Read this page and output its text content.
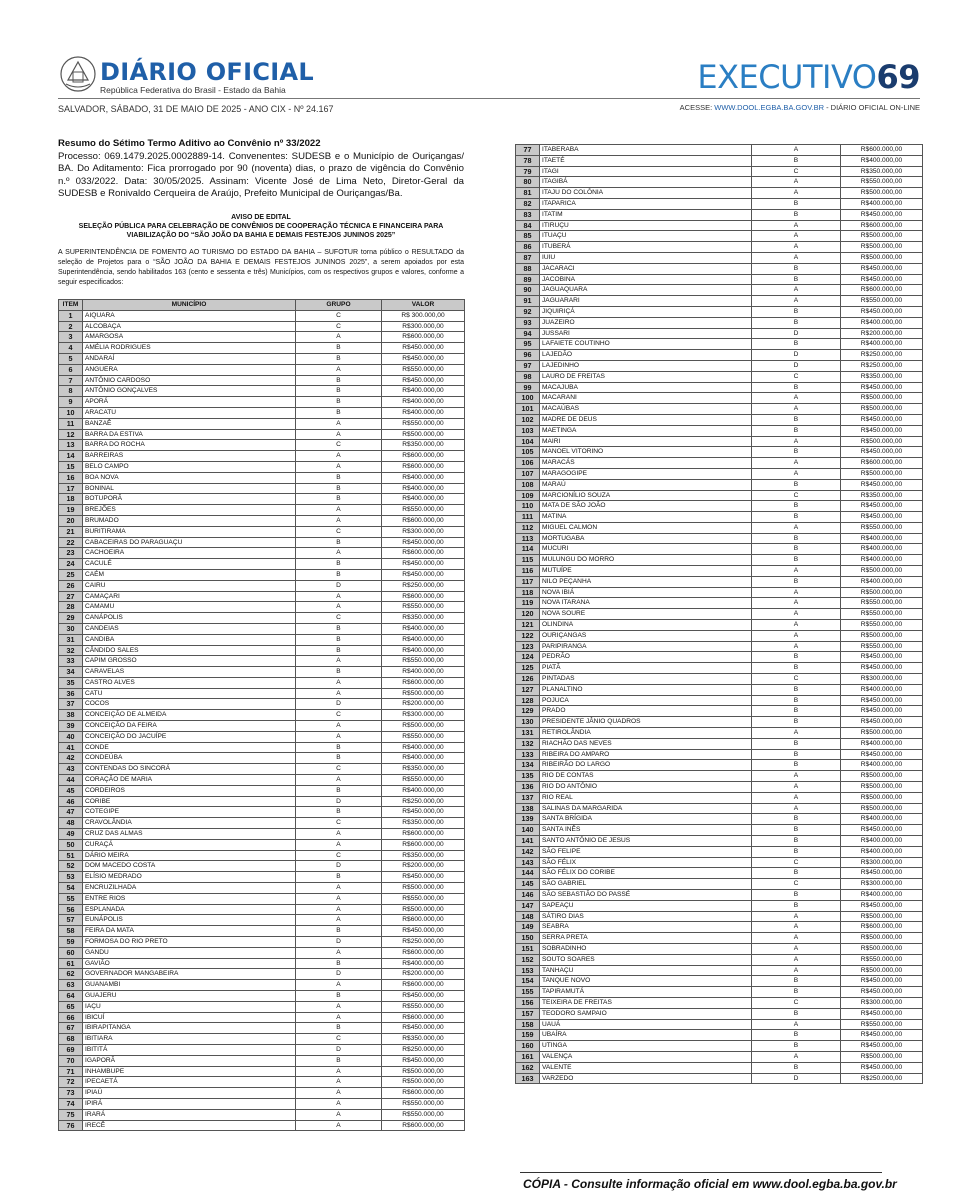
DIÁRIO OFICIAL
República Federativa do Brasil - Estado da Bahia	EXECUTIVO69
SALVADOR, SÁBADO, 31 DE MAIO DE 2025 - ANO CIX - Nº 24.167	ACESSE: WWW.DOOL.EGBA.BA.GOV.BR - DIÁRIO OFICIAL ON-LINE
Resumo do Sétimo Termo Aditivo ao Convênio nº 33/2022
Processo: 069.1479.2025.0002889-14. Convenentes: SUDESB e o Município de Ouriçangas/ BA. Do Aditamento: Fica prorrogado por 90 (noventa) dias, o prazo de vigência do Convênio n.º 033/2022. Data: 30/05/2025. Assinam: Vicente José de Lima Neto, Diretor-Geral da SUDESB e Ronivaldo Cerqueira de Araújo, Prefeito Municipal de Ouriçangas/Ba.
AVISO DE EDITAL
SELEÇÃO PÚBLICA PARA CELEBRAÇÃO DE CONVÊNIOS DE COOPERAÇÃO TÉCNICA E FINANCEIRA PARA VIABILIZAÇÃO DO “SÃO JOÃO DA BAHIA E DEMAIS FESTEJOS JUNINOS 2025”
A SUPERINTENDÊNCIA DE FOMENTO AO TURISMO DO ESTADO DA BAHIA – SUFOTUR torna público o RESULTADO da seleção de Projetos para o “SÃO JOÃO DA BAHIA E DEMAIS FESTEJOS JUNINOS 2025”, a serem apoiados por esta Superintendência, sendo habilitados 163 (cento e sessenta e três) Municípios, com os respectivos grupos e valores, conforme a seguir especificados:
ITEM	MUNICÍPIO	GRUPO	VALOR
1	AIQUARA	C	R$ 300.000,00
2	ALCOBAÇA	C	R$300.000,00
3	AMARGOSA	A	R$600.000,00
4	AMÉLIA RODRIGUES	B	R$450.000,00
5	ANDARAÍ	B	R$450.000,00
6	ANGUERA	A	R$550.000,00
7	ANTÔNIO CARDOSO	B	R$450.000,00
8	ANTÔNIO GONÇALVES	B	R$400.000,00
9	APORÁ	B	R$400.000,00
10	ARACATU	B	R$400.000,00
11	BANZAÊ	A	R$550.000,00
12	BARRA DA ESTIVA	A	R$500.000,00
13	BARRA DO ROCHA	C	R$350.000,00
14	BARREIRAS	A	R$600.000,00
15	BELO CAMPO	A	R$600.000,00
16	BOA NOVA	B	R$400.000,00
17	BONINAL	B	R$400.000,00
18	BOTUPORÃ	B	R$400.000,00
19	BREJÕES	A	R$550.000,00
20	BRUMADO	A	R$600.000,00
21	BURITIRAMA	C	R$300.000,00
22	CABACEIRAS DO PARAGUAÇU	B	R$450.000,00
23	CACHOEIRA	A	R$600.000,00
24	CACULÉ	B	R$450.000,00
25	CAÉM	B	R$450.000,00
26	CAIRU	D	R$250.000,00
27	CAMAÇARI	A	R$600.000,00
28	CAMAMU	A	R$550.000,00
29	CANÁPOLIS	C	R$350.000,00
30	CANDEIAS	B	R$400.000,00
31	CANDIBA	B	R$400.000,00
32	CÂNDIDO SALES	B	R$400.000,00
33	CAPIM GROSSO	A	R$550.000,00
34	CARAVELAS	B	R$400.000,00
35	CASTRO ALVES	A	R$600.000,00
36	CATU	A	R$500.000,00
37	COCOS	D	R$200.000,00
38	CONCEIÇÃO DE ALMEIDA	C	R$300.000,00
39	CONCEIÇÃO DA FEIRA	A	R$500.000,00
40	CONCEIÇÃO DO JACUÍPE	A	R$550.000,00
41	CONDE	B	R$400.000,00
42	CONDEÚBA	B	R$400.000,00
43	CONTENDAS DO SINCORÁ	C	R$350.000,00
44	CORAÇÃO DE MARIA	A	R$550.000,00
45	CORDEIROS	B	R$400.000,00
46	CORIBE	D	R$250.000,00
47	COTEGIPE	B	R$450.000,00
48	CRAVOLÂNDIA	C	R$350.000,00
49	CRUZ DAS ALMAS	A	R$600.000,00
50	CURAÇÁ	A	R$600.000,00
51	DÁRIO MEIRA	C	R$350.000,00
52	DOM MACEDO COSTA	D	R$200.000,00
53	ELÍSIO MEDRADO	B	R$450.000,00
54	ENCRUZILHADA	A	R$500.000,00
55	ENTRE RIOS	A	R$550.000,00
56	ESPLANADA	A	R$500.000,00
57	EUNÁPOLIS	A	R$600.000,00
58	FEIRA DA MATA	B	R$450.000,00
59	FORMOSA DO RIO PRETO	D	R$250.000,00
60	GANDU	A	R$600.000,00
61	GAVIÃO	B	R$400.000,00
62	GOVERNADOR MANGABEIRA	D	R$200.000,00
63	GUANAMBI	A	R$600.000,00
64	GUAJERU	B	R$450.000,00
65	IAÇU	A	R$550.000,00
66	IBICUÍ	A	R$600.000,00
67	IBIRAPITANGA	B	R$450.000,00
68	IBITIARA	C	R$350.000,00
69	IBITITÁ	D	R$250.000,00
70	IGAPORÃ	B	R$450.000,00
71	INHAMBUPE	A	R$500.000,00
72	IPECAETÁ	A	R$500.000,00
73	IPIAÚ	A	R$600.000,00
74	IPIRÁ	A	R$550.000,00
75	IRARÁ	A	R$550.000,00
76	IRECÊ	A	R$600.000,00
77	ITABERABA	A	R$600.000,00
78	ITAETÉ	B	R$400.000,00
79	ITAGI	C	R$350.000,00
80	ITAGIBÁ	A	R$550.000,00
81	ITAJU DO COLÔNIA	A	R$500.000,00
82	ITAPARICA	B	R$400.000,00
83	ITATIM	B	R$450.000,00
84	ITIRUÇU	A	R$600.000,00
85	ITUAÇU	A	R$500.000,00
86	ITUBERÁ	A	R$500.000,00
87	IUIU	A	R$500.000,00
88	JACARACI	B	R$450.000,00
89	JACOBINA	B	R$450.000,00
90	JAGUAQUARA	A	R$600.000,00
91	JAGUARARI	A	R$550.000,00
92	JIQUIRIÇÁ	B	R$450.000,00
93	JUAZEIRO	B	R$400.000,00
94	JUSSARI	D	R$200.000,00
95	LAFAIETE COUTINHO	B	R$400.000,00
96	LAJEDÃO	D	R$250.000,00
97	LAJEDINHO	D	R$250.000,00
98	LAURO DE FREITAS	C	R$350.000,00
99	MACAJUBA	B	R$450.000,00
100	MACARANI	A	R$500.000,00
101	MACAÚBAS	A	R$500.000,00
102	MADRE DE DEUS	B	R$450.000,00
103	MAETINGA	B	R$450.000,00
104	MAIRI	A	R$500.000,00
105	MANOEL VITORINO	B	R$450.000,00
106	MARACÁS	A	R$600.000,00
107	MARAGOGIPE	A	R$500.000,00
108	MARAÚ	B	R$450.000,00
109	MARCIONÍLIO SOUZA	C	R$350.000,00
110	MATA DE SÃO JOÃO	B	R$450.000,00
111	MATINA	B	R$450.000,00
112	MIGUEL CALMON	A	R$550.000,00
113	MORTUGABA	B	R$400.000,00
114	MUCURI	B	R$400.000,00
115	MULUNGU DO MORRO	B	R$400.000,00
116	MUTUÍPE	A	R$500.000,00
117	NILO PEÇANHA	B	R$400.000,00
118	NOVA IBIÁ	A	R$500.000,00
119	NOVA ITARANA	A	R$550.000,00
120	NOVA SOURE	A	R$550.000,00
121	OLINDINA	A	R$550.000,00
122	OURIÇANGAS	A	R$500.000,00
123	PARIPIRANGA	A	R$550.000,00
124	PEDRÃO	B	R$450.000,00
125	PIATÃ	B	R$450.000,00
126	PINTADAS	C	R$300.000,00
127	PLANALTINO	B	R$400.000,00
128	POJUCA	B	R$450.000,00
129	PRADO	B	R$450.000,00
130	PRESIDENTE JÂNIO QUADROS	B	R$450.000,00
131	RETIROLÂNDIA	A	R$500.000,00
132	RIACHÃO DAS NEVES	B	R$400.000,00
133	RIBEIRA DO AMPARO	B	R$450.000,00
134	RIBEIRÃO DO LARGO	B	R$400.000,00
135	RIO DE CONTAS	A	R$500.000,00
136	RIO DO ANTÔNIO	A	R$500.000,00
137	RIO REAL	A	R$500.000,00
138	SALINAS DA MARGARIDA	A	R$500.000,00
139	SANTA BRÍGIDA	B	R$400.000,00
140	SANTA INÊS	B	R$450.000,00
141	SANTO ANTÔNIO DE JESUS	B	R$400.000,00
142	SÃO FELIPE	B	R$400.000,00
143	SÃO FÉLIX	C	R$300.000,00
144	SÃO FÉLIX DO CORIBE	B	R$450.000,00
145	SÃO GABRIEL	C	R$300.000,00
146	SÃO SEBASTIÃO DO PASSÉ	B	R$400.000,00
147	SAPEAÇU	B	R$450.000,00
148	SÁTIRO DIAS	A	R$500.000,00
149	SEABRA	A	R$600.000,00
150	SERRA PRETA	A	R$500.000,00
151	SOBRADINHO	A	R$500.000,00
152	SOUTO SOARES	A	R$550.000,00
153	TANHAÇU	A	R$500.000,00
154	TANQUE NOVO	B	R$450.000,00
155	TAPIRAMUTÁ	B	R$450.000,00
156	TEIXEIRA DE FREITAS	C	R$300.000,00
157	TEODORO SAMPAIO	B	R$450.000,00
158	UAUÁ	A	R$550.000,00
159	UBAÍRA	B	R$450.000,00
160	UTINGA	B	R$450.000,00
161	VALENÇA	A	R$500.000,00
162	VALENTE	B	R$450.000,00
163	VARZEDO	D	R$250.000,00
CÓPIA - Consulte informação oficial em www.dool.egba.ba.gov.br
